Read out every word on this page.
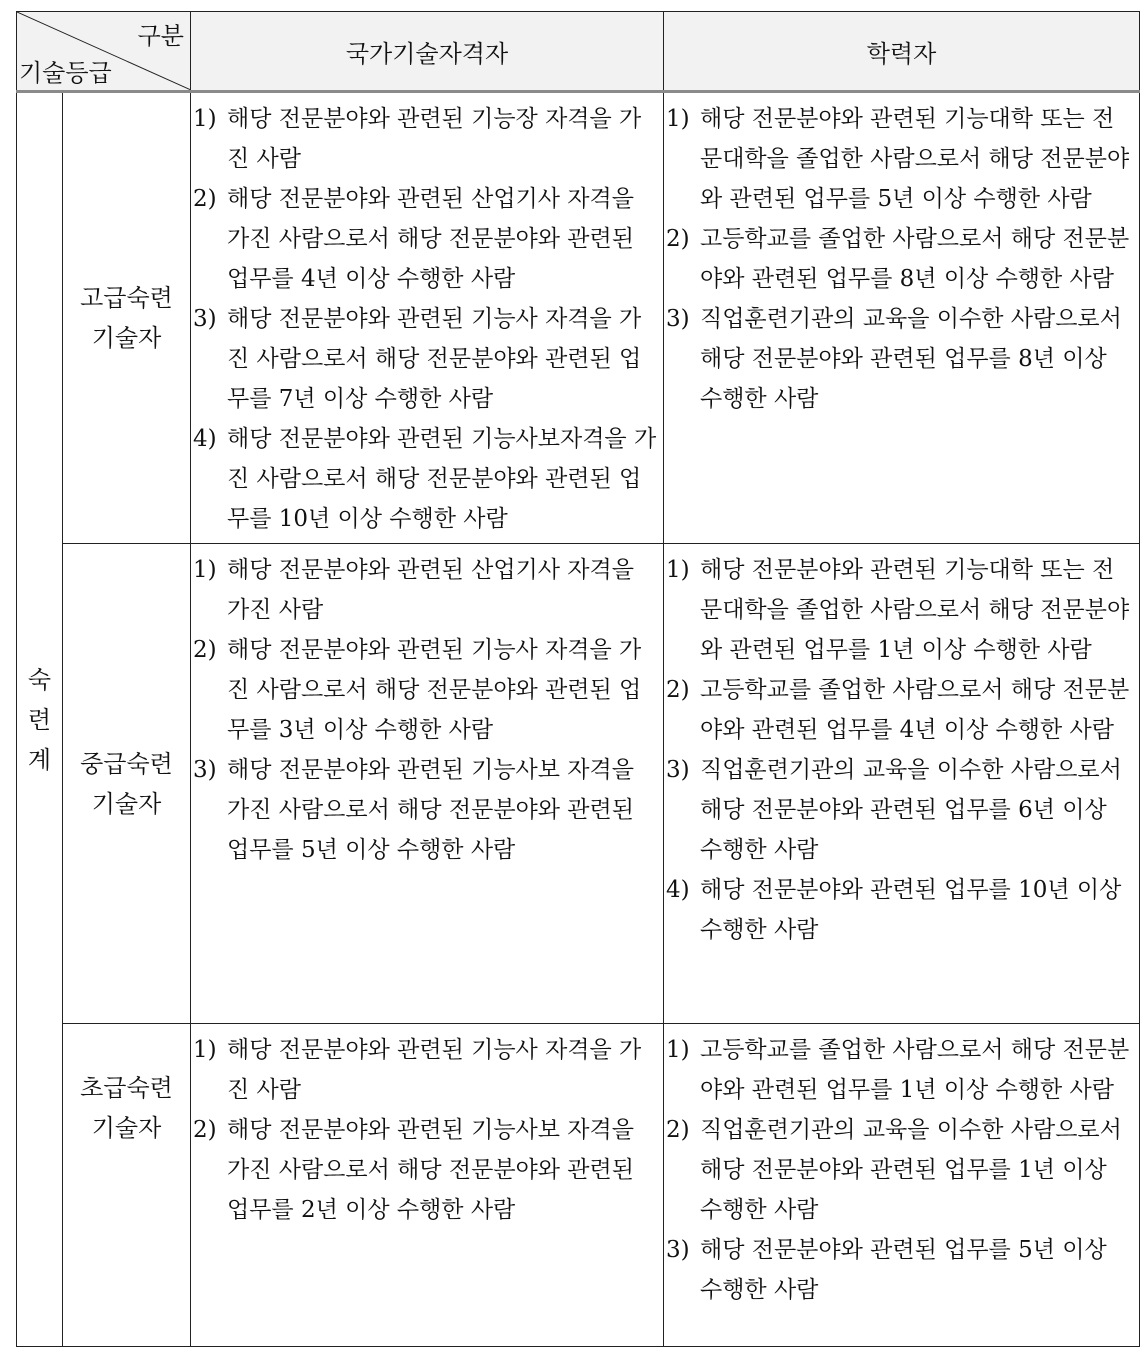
구분
기술등급		국가기술자격자	학력자
숙
련
계	고급숙련
기술자	
1) 해당 전문분야와 관련된 기능장 자격을 가진 사람
2) 해당 전문분야와 관련된 산업기사 자격을 가진 사람으로서 해당 전문분야와 관련된 업무를 4년 이상 수행한 사람
3) 해당 전문분야와 관련된 기능사 자격을 가진 사람으로서 해당 전문분야와 관련된 업무를 7년 이상 수행한 사람
4) 해당 전문분야와 관련된 기능사보자격을 가진 사람으로서 해당 전문분야와 관련된 업무를 10년 이상 수행한 사람

1) 해당 전문분야와 관련된 기능대학 또는 전문대학을 졸업한 사람으로서 해당 전문분야와 관련된 업무를 5년 이상 수행한 사람
2) 고등학교를 졸업한 사람으로서 해당 전문분야와 관련된 업무를 8년 이상 수행한 사람
3) 직업훈련기관의 교육을 이수한 사람으로서 해당 전문분야와 관련된 업무를 8년 이상 수행한 사람

중급숙련
기술자	
1) 해당 전문분야와 관련된 산업기사 자격을 가진 사람
2) 해당 전문분야와 관련된 기능사 자격을 가진 사람으로서 해당 전문분야와 관련된 업무를 3년 이상 수행한 사람
3) 해당 전문분야와 관련된 기능사보 자격을 가진 사람으로서 해당 전문분야와 관련된 업무를 5년 이상 수행한 사람

1) 해당 전문분야와 관련된 기능대학 또는 전문대학을 졸업한 사람으로서 해당 전문분야와 관련된 업무를 1년 이상 수행한 사람
2) 고등학교를 졸업한 사람으로서 해당 전문분야와 관련된 업무를 4년 이상 수행한 사람
3) 직업훈련기관의 교육을 이수한 사람으로서 해당 전문분야와 관련된 업무를 6년 이상 수행한 사람
4) 해당 전문분야와 관련된 업무를 10년 이상 수행한 사람

초급숙련
기술자	
1) 해당 전문분야와 관련된 기능사 자격을 가진 사람
2) 해당 전문분야와 관련된 기능사보 자격을 가진 사람으로서 해당 전문분야와 관련된 업무를 2년 이상 수행한 사람

1) 고등학교를 졸업한 사람으로서 해당 전문분야와 관련된 업무를 1년 이상 수행한 사람
2) 직업훈련기관의 교육을 이수한 사람으로서 해당 전문분야와 관련된 업무를 1년 이상 수행한 사람
3) 해당 전문분야와 관련된 업무를 5년 이상 수행한 사람
